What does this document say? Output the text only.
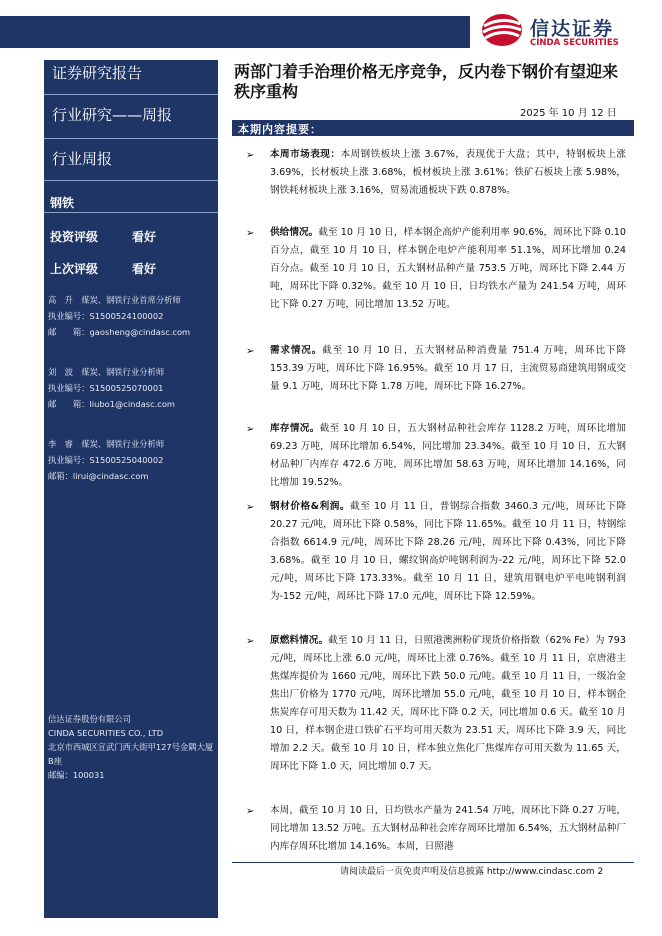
信达证券
CINDA SECURITIES
证券研究报告
行业研究——周报
行业周报
钢铁
投资评级	看好
上次评级	看好
高　升　煤炭、钢铁行业首席分析师
执业编号：S1500524100002
邮　　箱：gaosheng@cindasc.com
刘　波　煤炭、钢铁行业分析师
执业编号：S1500525070001
邮　　箱：liubo1@cindasc.com
李　睿　煤炭、钢铁行业分析师
执业编号：S1500525040002
邮箱：lirui@cindasc.com
信达证券股份有限公司
CINDA SECURITIES CO., LTD
北京市西城区宣武门西大街甲127号金隅大厦B座
邮编：100031
两部门着手治理价格无序竞争，反内卷下钢价有望迎来秩序重构
2025 年 10 月 12 日
本期内容提要：
➢ 本周市场表现：本周钢铁板块上涨 3.67%，表现优于大盘；其中，特钢板块上涨 3.69%，长材板块上涨 3.68%，板材板块上涨 3.61%；铁矿石板块上涨 5.98%，钢铁耗材板块上涨 3.16%，贸易流通板块下跌 0.878%。
➢ 供给情况。截至 10 月 10 日，样本钢企高炉产能利用率 90.6%，周环比下降 0.10 百分点，截至 10 月 10 日，样本钢企电炉产能利用率 51.1%，周环比增加 0.24 百分点。截至 10 月 10 日，五大钢材品种产量 753.5 万吨，周环比下降 2.44 万吨，周环比下降 0.32%。截至 10 月 10 日，日均铁水产量为 241.54 万吨，周环比下降 0.27 万吨，同比增加 13.52 万吨。
➢ 需求情况。截至 10 月 10 日，五大钢材品种消费量 751.4 万吨，周环比下降 153.39 万吨，周环比下降 16.95%。截至 10 月 17 日，主流贸易商建筑用钢成交量 9.1 万吨，周环比下降 1.78 万吨，周环比下降 16.27%。
➢ 库存情况。截至 10 月 10 日，五大钢材品种社会库存 1128.2 万吨，周环比增加 69.23 万吨，周环比增加 6.54%，同比增加 23.34%。截至 10 月 10 日，五大钢材品种厂内库存 472.6 万吨，周环比增加 58.63 万吨，周环比增加 14.16%，同比增加 19.52%。
➢ 钢材价格&利润。截至 10 月 11 日，普钢综合指数 3460.3 元/吨，周环比下降 20.27 元/吨，周环比下降 0.58%，同比下降 11.65%。截至 10 月 11 日，特钢综合指数 6614.9 元/吨，周环比下降 28.26 元/吨，周环比下降 0.43%，同比下降 3.68%。截至 10 月 10 日，螺纹钢高炉吨钢利润为-22 元/吨，周环比下降 52.0 元/吨，周环比下降 173.33%。截至 10 月 11 日，建筑用钢电炉平电吨钢利润为-152 元/吨，周环比下降 17.0 元/吨，周环比下降 12.59%。
➢ 原燃料情况。截至 10 月 11 日，日照港澳洲粉矿现货价格指数（62% Fe）为 793 元/吨，周环比上涨 6.0 元/吨，周环比上涨 0.76%。截至 10 月 11 日，京唐港主焦煤库提价为 1660 元/吨，周环比下跌 50.0 元/吨。截至 10 月 11 日，一级冶金焦出厂价格为 1770 元/吨，周环比增加 55.0 元/吨，截至 10 月 10 日，样本钢企焦炭库存可用天数为 11.42 天，周环比下降 0.2 天，同比增加 0.6 天。截至 10 月 10 日，样本钢企进口铁矿石平均可用天数为 23.51 天，周环比下降 3.9 天，同比增加 2.2 天。截至 10 月 10 日，样本独立焦化厂焦煤库存可用天数为 11.65 天，周环比下降 1.0 天，同比增加 0.7 天。
➢ 本周，截至 10 月 10 日，日均铁水产量为 241.54 万吨，周环比下降 0.27 万吨，同比增加 13.52 万吨。五大钢材品种社会库存周环比增加 6.54%，五大钢材品种厂内库存周环比增加 14.16%。本周，日照港
请阅读最后一页免责声明及信息披露 http://www.cindasc.com 2
